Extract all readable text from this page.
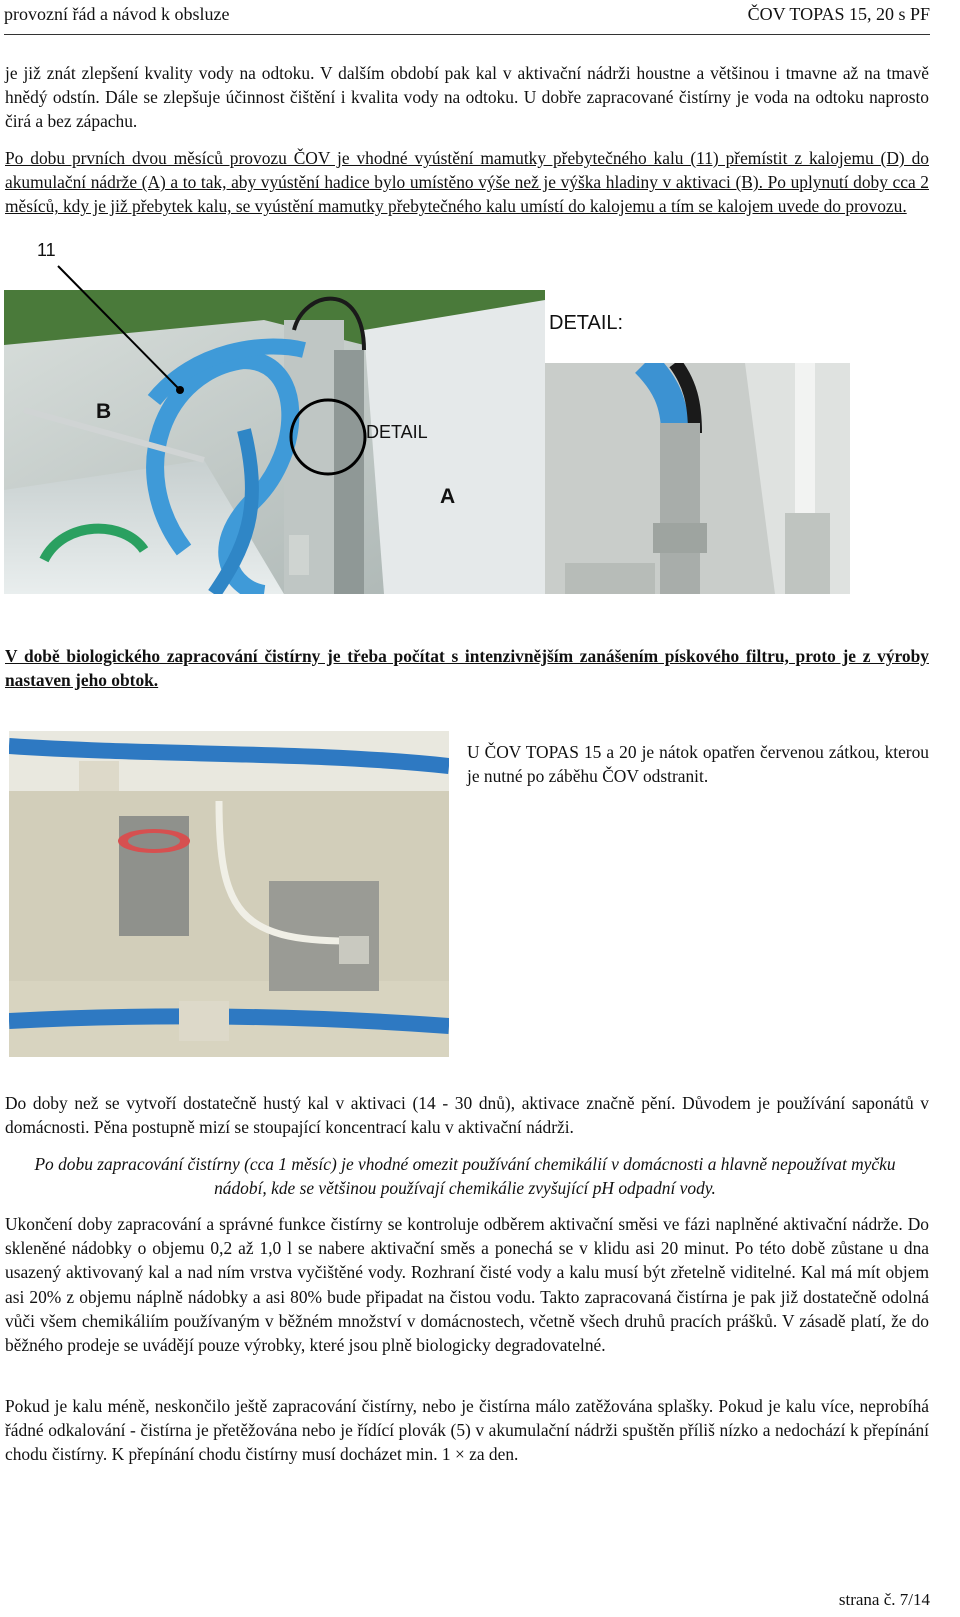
provozní řád a návod k obsluze	ČOV TOPAS 15, 20 s PF

je již znát zlepšení kvality vody na odtoku. V dalším období pak kal v aktivační nádrži houstne a většinou i tmavne až na tmavě hnědý odstín. Dále se zlepšuje účinnost čištění i kvalita vody na odtoku. U dobře zapracované čistírny je voda na odtoku naprosto čirá a bez zápachu.

Po dobu prvních dvou měsíců provozu ČOV je vhodné vyústění mamutky přebytečného kalu (11) přemístit z kalojemu (D) do akumulační nádrže (A) a to tak, aby vyústění hadice bylo umístěno výše než je výška hladiny v aktivaci (B). Po uplynutí doby cca 2 měsíců, kdy je již přebytek kalu, se vyústění mamutky přebytečného kalu umístí do kalojemu a tím se kalojem uvede do provozu.

11
B
DETAIL
A
DETAIL:

V době biologického zapracování čistírny je třeba počítat s intenzivnějším zanášením pískového filtru, proto je z výroby nastaven jeho obtok.

U ČOV TOPAS 15 a 20 je nátok opatřen červenou zátkou, kterou je nutné po záběhu ČOV odstranit.

Do doby než se vytvoří dostatečně hustý kal v aktivaci (14 - 30 dnů), aktivace značně pění. Důvodem je používání saponátů v domácnosti. Pěna postupně mizí se stoupající koncentrací kalu v aktivační nádrži.

Po dobu zapracování čistírny (cca 1 měsíc) je vhodné omezit používání chemikálií v domácnosti a hlavně nepoužívat myčku nádobí, kde se většinou používají chemikálie zvyšující pH odpadní vody.

Ukončení doby zapracování a správné funkce čistírny se kontroluje odběrem aktivační směsi ve fázi naplněné aktivační nádrže. Do skleněné nádobky o objemu 0,2 až 1,0 l se nabere aktivační směs a ponechá se v klidu asi 20 minut. Po této době zůstane u dna usazený aktivovaný kal a nad ním vrstva vyčištěné vody. Rozhraní čisté vody a kalu musí být zřetelně viditelné. Kal má mít objem asi 20% z objemu náplně nádobky a asi 80% bude připadat na čistou vodu. Takto zapracovaná čistírna je pak již dostatečně odolná vůči všem chemikáliím používaným v běžném množství v domácnostech, včetně všech druhů pracích prášků. V zásadě platí, že do běžného prodeje se uvádějí pouze výrobky, které jsou plně biologicky degradovatelné.

Pokud je kalu méně, neskončilo ještě zapracování čistírny, nebo je čistírna málo zatěžována splašky. Pokud je kalu více, neprobíhá řádné odkalování - čistírna je přetěžována nebo je řídící plovák (5) v akumulační nádrži spuštěn příliš nízko a nedochází k přepínání chodu čistírny. K přepínání chodu čistírny musí docházet min. 1 × za den.

strana č. 7/14
